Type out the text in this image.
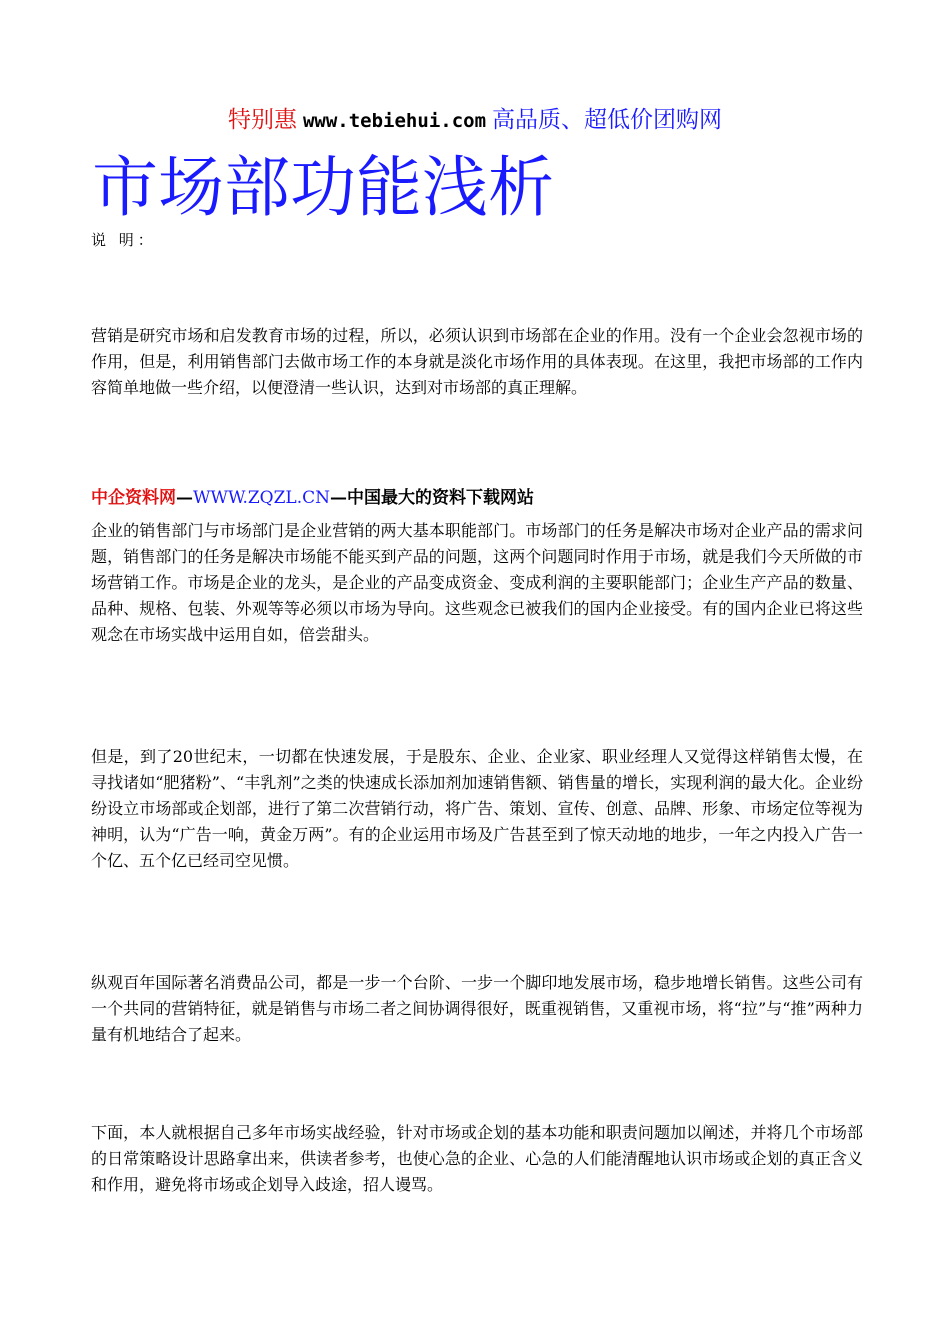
特别惠 www.tebiehui.com 高品质、超低价团购网
市场部功能浅析
说 明：

营销是研究市场和启发教育市场的过程，所以，必须认识到市场部在企业的作用。没有一个企业会忽视市场的作用，但是，利用销售部门去做市场工作的本身就是淡化市场作用的具体表现。在这里，我把市场部的工作内容简单地做一些介绍，以便澄清一些认识，达到对市场部的真正理解。

中企资料网—WWW.ZQZL.CN—中国最大的资料下载网站

企业的销售部门与市场部门是企业营销的两大基本职能部门。市场部门的任务是解决市场对企业产品的需求问题，销售部门的任务是解决市场能不能买到产品的问题，这两个问题同时作用于市场，就是我们今天所做的市场营销工作。市场是企业的龙头，是企业的产品变成资金、变成利润的主要职能部门；企业生产产品的数量、品种、规格、包装、外观等等必须以市场为导向。这些观念已被我们的国内企业接受。有的国内企业已将这些观念在市场实战中运用自如，倍尝甜头。

但是，到了20世纪末，一切都在快速发展，于是股东、企业、企业家、职业经理人又觉得这样销售太慢，在寻找诸如“肥猪粉”、“丰乳剂”之类的快速成长添加剂加速销售额、销售量的增长，实现利润的最大化。企业纷纷设立市场部或企划部，进行了第二次营销行动，将广告、策划、宣传、创意、品牌、形象、市场定位等视为神明，认为“广告一响，黄金万两”。有的企业运用市场及广告甚至到了惊天动地的地步，一年之内投入广告一个亿、五个亿已经司空见惯。

纵观百年国际著名消费品公司，都是一步一个台阶、一步一个脚印地发展市场，稳步地增长销售。这些公司有一个共同的营销特征，就是销售与市场二者之间协调得很好，既重视销售，又重视市场，将“拉”与“推”两种力量有机地结合了起来。

下面，本人就根据自己多年市场实战经验，针对市场或企划的基本功能和职责问题加以阐述，并将几个市场部的日常策略设计思路拿出来，供读者参考，也使心急的企业、心急的人们能清醒地认识市场或企划的真正含义和作用，避免将市场或企划导入歧途，招人谩骂。
